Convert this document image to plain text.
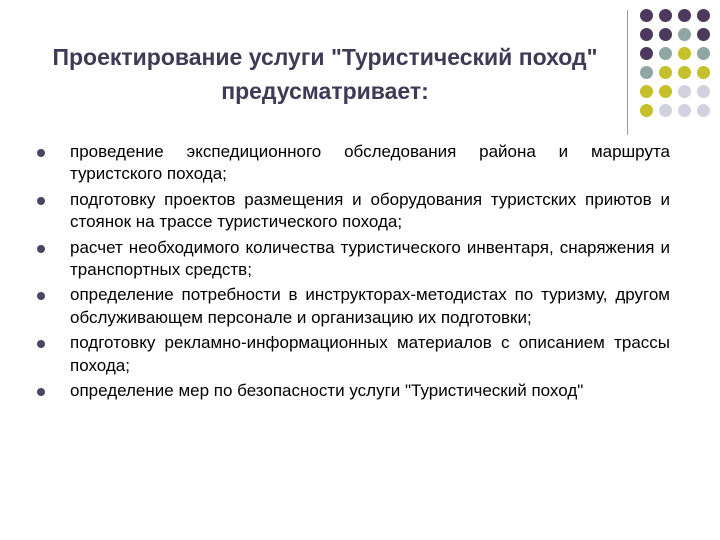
Проектирование услуги "Туристический поход" предусматривает:
проведение экспедиционного обследования района и маршрута туристского похода;
подготовку проектов размещения и оборудования туристских приютов и стоянок на трассе туристического похода;
расчет необходимого количества туристического инвентаря, снаряжения и транспортных средств;
определение потребности в инструкторах-методистах по туризму, другом обслуживающем персонале и организацию их подготовки;
подготовку рекламно-информационных материалов с описанием трассы похода;
определение мер по безопасности услуги "Туристический поход"
